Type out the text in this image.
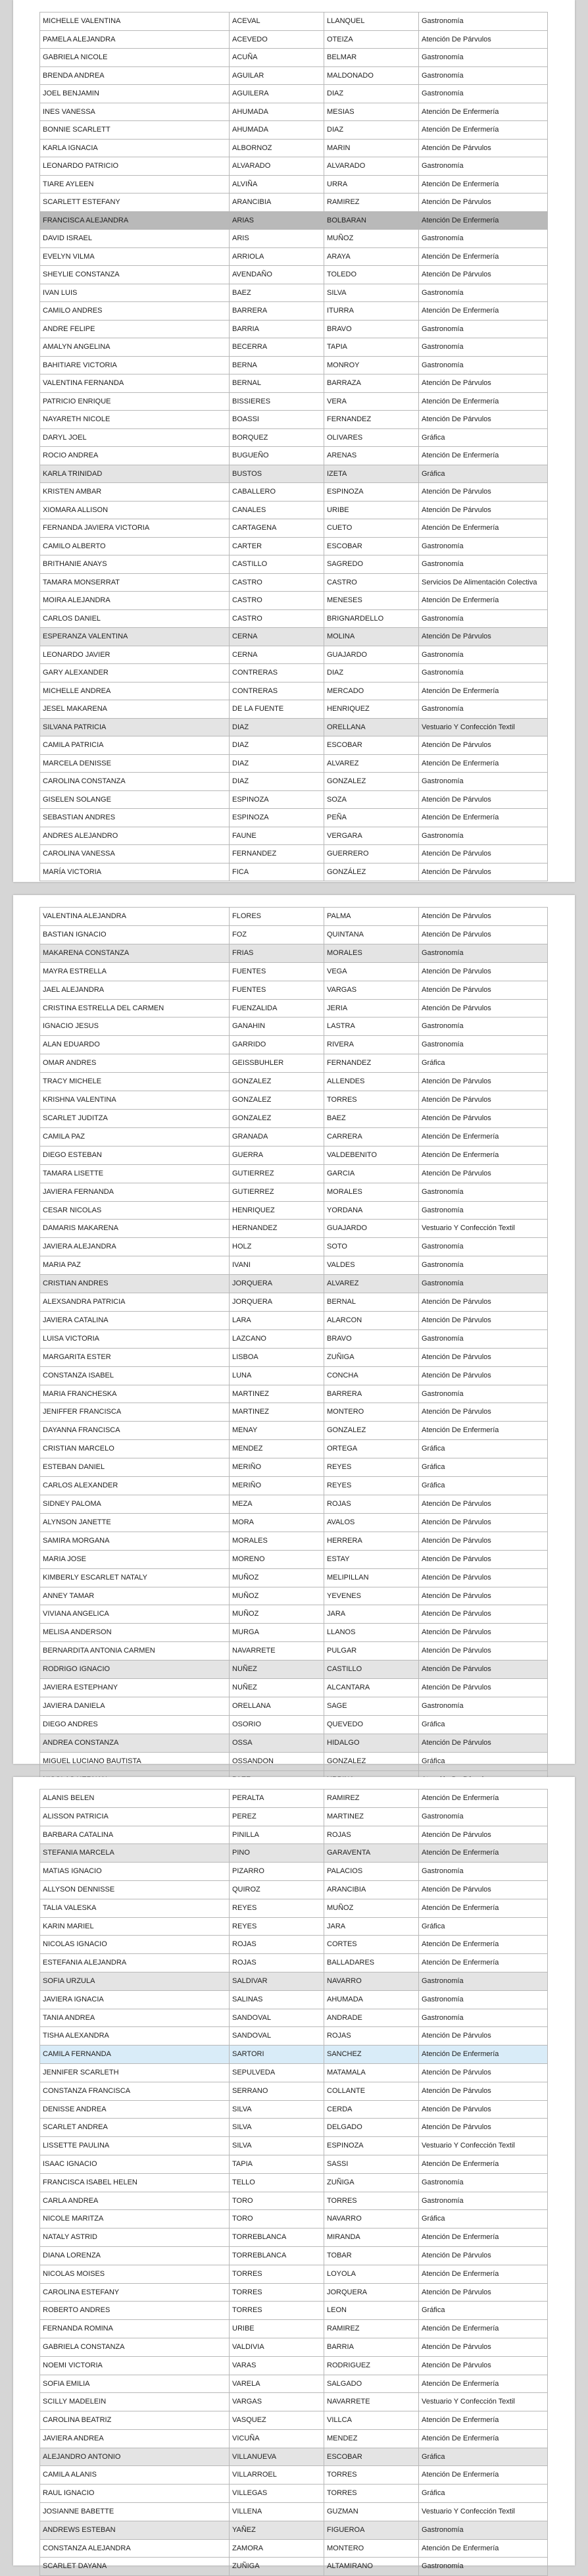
MICHELLE VALENTINA	ACEVAL	LLANQUEL	Gastronomía
PAMELA ALEJANDRA	ACEVEDO	OTEIZA	Atención De Párvulos
GABRIELA NICOLE	ACUÑA	BELMAR	Gastronomía
BRENDA ANDREA	AGUILAR	MALDONADO	Gastronomía
JOEL BENJAMIN	AGUILERA	DIAZ	Gastronomía
INES VANESSA	AHUMADA	MESIAS	Atención De Enfermería
BONNIE SCARLETT	AHUMADA	DIAZ	Atención De Enfermería
KARLA IGNACIA	ALBORNOZ	MARIN	Atención De Párvulos
LEONARDO PATRICIO	ALVARADO	ALVARADO	Gastronomía
TIARE AYLEEN	ALVIÑA	URRA	Atención De Enfermería
SCARLETT ESTEFANY	ARANCIBIA	RAMIREZ	Atención De Párvulos
FRANCISCA ALEJANDRA	ARIAS	BOLBARAN	Atención De Enfermería
DAVID ISRAEL	ARIS	MUÑOZ	Gastronomía
EVELYN VILMA	ARRIOLA	ARAYA	Atención De Enfermería
SHEYLIE CONSTANZA	AVENDAÑO	TOLEDO	Atención De Párvulos
IVAN LUIS	BAEZ	SILVA	Gastronomía
CAMILO ANDRES	BARRERA	ITURRA	Atención De Enfermería
ANDRE FELIPE	BARRIA	BRAVO	Gastronomía
AMALYN ANGELINA	BECERRA	TAPIA	Gastronomía
BAHITIARE VICTORIA	BERNA	MONROY	Gastronomía
VALENTINA FERNANDA	BERNAL	BARRAZA	Atención De Párvulos
PATRICIO ENRIQUE	BISSIERES	VERA	Atención De Enfermería
NAYARETH NICOLE	BOASSI	FERNANDEZ	Atención De Párvulos
DARYL JOEL	BORQUEZ	OLIVARES	Gráfica
ROCIO ANDREA	BUGUEÑO	ARENAS	Atención De Enfermería
KARLA TRINIDAD	BUSTOS	IZETA	Gráfica
KRISTEN AMBAR	CABALLERO	ESPINOZA	Atención De Párvulos
XIOMARA ALLISON	CANALES	URIBE	Atención De Párvulos
FERNANDA JAVIERA VICTORIA	CARTAGENA	CUETO	Atención De Enfermería
CAMILO ALBERTO	CARTER	ESCOBAR	Gastronomía
BRITHANIE ANAYS	CASTILLO	SAGREDO	Gastronomía
TAMARA MONSERRAT	CASTRO	CASTRO	Servicios De Alimentación Colectiva
MOIRA ALEJANDRA	CASTRO	MENESES	Atención De Enfermería
CARLOS DANIEL	CASTRO	BRIGNARDELLO	Gastronomía
ESPERANZA VALENTINA	CERNA	MOLINA	Atención De Párvulos
LEONARDO JAVIER	CERNA	GUAJARDO	Gastronomía
GARY ALEXANDER	CONTRERAS	DIAZ	Gastronomía
MICHELLE ANDREA	CONTRERAS	MERCADO	Atención De Enfermería
JESEL MAKARENA	DE LA FUENTE	HENRIQUEZ	Gastronomía
SILVANA PATRICIA	DIAZ	ORELLANA	Vestuario Y Confección Textil
CAMILA PATRICIA	DIAZ	ESCOBAR	Atención De Párvulos
MARCELA DENISSE	DIAZ	ALVAREZ	Atención De Enfermería
CAROLINA CONSTANZA	DIAZ	GONZALEZ	Gastronomía
GISELEN SOLANGE	ESPINOZA	SOZA	Atención De Párvulos
SEBASTIAN ANDRES	ESPINOZA	PEÑA	Atención De Enfermería
ANDRES ALEJANDRO	FAUNE	VERGARA	Gastronomía
CAROLINA VANESSA	FERNANDEZ	GUERRERO	Atención De Párvulos
MARÍA VICTORIA	FICA	GONZÁLEZ	Atención De Párvulos
VALENTINA ALEJANDRA	FLORES	PALMA	Atención De Párvulos
BASTIAN IGNACIO	FOZ	QUINTANA	Atención De Párvulos
MAKARENA CONSTANZA	FRIAS	MORALES	Gastronomía
MAYRA ESTRELLA	FUENTES	VEGA	Atención De Párvulos
JAEL ALEJANDRA	FUENTES	VARGAS	Atención De Párvulos
CRISTINA ESTRELLA DEL CARMEN	FUENZALIDA	JERIA	Atención De Párvulos
IGNACIO JESUS	GANAHIN	LASTRA	Gastronomía
ALAN EDUARDO	GARRIDO	RIVERA	Gastronomía
OMAR ANDRES	GEISSBUHLER	FERNANDEZ	Gráfica
TRACY MICHELE	GONZALEZ	ALLENDES	Atención De Párvulos
KRISHNA VALENTINA	GONZALEZ	TORRES	Atención De Párvulos
SCARLET JUDITZA	GONZALEZ	BAEZ	Atención De Párvulos
CAMILA PAZ	GRANADA	CARRERA	Atención De Enfermería
DIEGO ESTEBAN	GUERRA	VALDEBENITO	Atención De Enfermería
TAMARA LISETTE	GUTIERREZ	GARCIA	Atención De Párvulos
JAVIERA FERNANDA	GUTIERREZ	MORALES	Gastronomía
CESAR NICOLAS	HENRIQUEZ	YORDANA	Gastronomía
DAMARIS MAKARENA	HERNANDEZ	GUAJARDO	Vestuario Y Confección Textil
JAVIERA ALEJANDRA	HOLZ	SOTO	Gastronomía
MARIA PAZ	IVANI	VALDES	Gastronomía
CRISTIAN ANDRES	JORQUERA	ALVAREZ	Gastronomía
ALEXSANDRA PATRICIA	JORQUERA	BERNAL	Atención De Párvulos
JAVIERA CATALINA	LARA	ALARCON	Atención De Párvulos
LUISA VICTORIA	LAZCANO	BRAVO	Gastronomía
MARGARITA ESTER	LISBOA	ZUÑIGA	Atención De Párvulos
CONSTANZA ISABEL	LUNA	CONCHA	Atención De Párvulos
MARIA FRANCHESKA	MARTINEZ	BARRERA	Gastronomía
JENIFFER FRANCISCA	MARTINEZ	MONTERO	Atención De Párvulos
DAYANNA FRANCISCA	MENAY	GONZALEZ	Atención De Enfermería
CRISTIAN MARCELO	MENDEZ	ORTEGA	Gráfica
ESTEBAN DANIEL	MERIÑO	REYES	Gráfica
CARLOS ALEXANDER	MERIÑO	REYES	Gráfica
SIDNEY PALOMA	MEZA	ROJAS	Atención De Párvulos
ALYNSON JANETTE	MORA	AVALOS	Atención De Párvulos
SAMIRA MORGANA	MORALES	HERRERA	Atención De Párvulos
MARIA JOSE	MORENO	ESTAY	Atención De Párvulos
KIMBERLY ESCARLET NATALY	MUÑOZ	MELIPILLAN	Atención De Párvulos
ANNEY TAMAR	MUÑOZ	YEVENES	Atención De Párvulos
VIVIANA ANGELICA	MUÑOZ	JARA	Atención De Párvulos
MELISA ANDERSON	MURGA	LLANOS	Atención De Párvulos
BERNARDITA ANTONIA CARMEN	NAVARRETE	PULGAR	Atención De Párvulos
RODRIGO IGNACIO	NUÑEZ	CASTILLO	Atención De Párvulos
JAVIERA ESTEPHANY	NUÑEZ	ALCANTARA	Atención De Párvulos
JAVIERA DANIELA	ORELLANA	SAGE	Gastronomía
DIEGO ANDRES	OSORIO	QUEVEDO	Gráfica
ANDREA CONSTANZA	OSSA	HIDALGO	Atención De Párvulos
MIGUEL LUCIANO BAUTISTA	OSSANDON	GONZALEZ	Gráfica

ALANIS BELEN	PERALTA	RAMIREZ	Atención De Enfermería
ALISSON PATRICIA	PEREZ	MARTINEZ	Gastronomía
BARBARA CATALINA	PINILLA	ROJAS	Atención De Párvulos
STEFANIA MARCELA	PINO	GARAVENTA	Atención De Enfermería
MATIAS IGNACIO	PIZARRO	PALACIOS	Gastronomía
ALLYSON DENNISSE	QUIROZ	ARANCIBIA	Atención De Párvulos
TALIA VALESKA	REYES	MUÑOZ	Atención De Enfermería
KARIN MARIEL	REYES	JARA	Gráfica
NICOLAS IGNACIO	ROJAS	CORTES	Atención De Enfermería
ESTEFANIA ALEJANDRA	ROJAS	BALLADARES	Atención De Enfermería
SOFIA URZULA	SALDIVAR	NAVARRO	Gastronomía
JAVIERA IGNACIA	SALINAS	AHUMADA	Gastronomía
TANIA ANDREA	SANDOVAL	ANDRADE	Gastronomía
TISHA ALEXANDRA	SANDOVAL	ROJAS	Atención De Párvulos
CAMILA FERNANDA	SARTORI	SANCHEZ	Atención De Enfermería
JENNIFER SCARLETH	SEPULVEDA	MATAMALA	Atención De Párvulos
CONSTANZA FRANCISCA	SERRANO	COLLANTE	Atención De Párvulos
DENISSE ANDREA	SILVA	CERDA	Atención De Párvulos
SCARLET ANDREA	SILVA	DELGADO	Atención De Párvulos
LISSETTE PAULINA	SILVA	ESPINOZA	Vestuario Y Confección Textil
ISAAC IGNACIO	TAPIA	SASSI	Atención De Enfermería
FRANCISCA ISABEL HELEN	TELLO	ZUÑIGA	Gastronomía
CARLA ANDREA	TORO	TORRES	Gastronomía
NICOLE MARITZA	TORO	NAVARRO	Gráfica
NATALY ASTRID	TORREBLANCA	MIRANDA	Atención De Enfermería
DIANA LORENZA	TORREBLANCA	TOBAR	Atención De Párvulos
NICOLAS MOISES	TORRES	LOYOLA	Atención De Enfermería
CAROLINA ESTEFANY	TORRES	JORQUERA	Atención De Párvulos
ROBERTO ANDRES	TORRES	LEON	Gráfica
FERNANDA ROMINA	URIBE	RAMIREZ	Atención De Enfermería
GABRIELA CONSTANZA	VALDIVIA	BARRIA	Atención De Párvulos
NOEMI VICTORIA	VARAS	RODRIGUEZ	Atención De Párvulos
SOFIA EMILIA	VARELA	SALGADO	Atención De Enfermería
SCILLY MADELEIN	VARGAS	NAVARRETE	Vestuario Y Confección Textil
CAROLINA BEATRIZ	VASQUEZ	VILLCA	Atención De Enfermería
JAVIERA ANDREA	VICUÑA	MENDEZ	Atención De Enfermería
ALEJANDRO ANTONIO	VILLANUEVA	ESCOBAR	Gráfica
CAMILA ALANIS	VILLARROEL	TORRES	Atención De Enfermería
RAUL IGNACIO	VILLEGAS	TORRES	Gráfica
JOSIANNE BABETTE	VILLENA	GUZMAN	Vestuario Y Confección Textil
ANDREWS ESTEBAN	YAÑEZ	FIGUEROA	Gastronomía
CONSTANZA ALEJANDRA	ZAMORA	MONTERO	Atención De Enfermería
SCARLET DAYANA	ZUÑIGA	ALTAMIRANO	Gastronomía
